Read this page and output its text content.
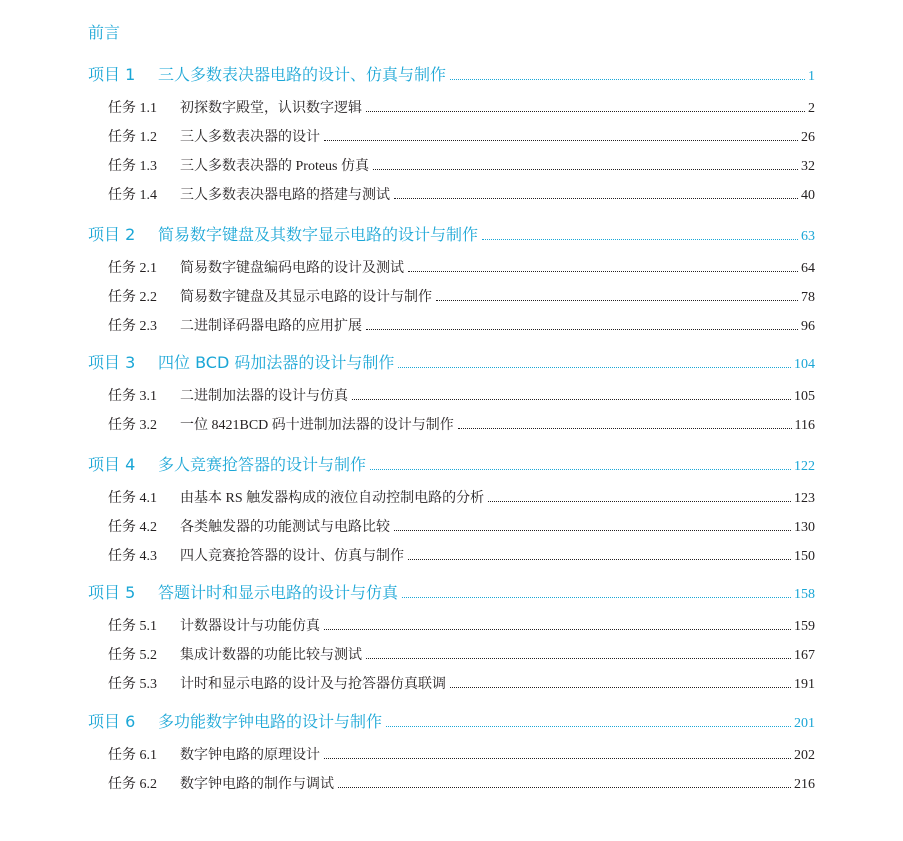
前言
项目 1	三人多数表决器电路的设计、仿真与制作	1
任务 1.1	初探数字殿堂，认识数字逻辑	2
任务 1.2	三人多数表决器的设计	26
任务 1.3	三人多数表决器的 Proteus 仿真	32
任务 1.4	三人多数表决器电路的搭建与测试	40
项目 2	简易数字键盘及其数字显示电路的设计与制作	63
任务 2.1	简易数字键盘编码电路的设计及测试	64
任务 2.2	简易数字键盘及其显示电路的设计与制作	78
任务 2.3	二进制译码器电路的应用扩展	96
项目 3	四位 BCD 码加法器的设计与制作	104
任务 3.1	二进制加法器的设计与仿真	105
任务 3.2	一位 8421BCD 码十进制加法器的设计与制作	116
项目 4	多人竞赛抢答器的设计与制作	122
任务 4.1	由基本 RS 触发器构成的液位自动控制电路的分析	123
任务 4.2	各类触发器的功能测试与电路比较	130
任务 4.3	四人竞赛抢答器的设计、仿真与制作	150
项目 5	答题计时和显示电路的设计与仿真	158
任务 5.1	计数器设计与功能仿真	159
任务 5.2	集成计数器的功能比较与测试	167
任务 5.3	计时和显示电路的设计及与抢答器仿真联调	191
项目 6	多功能数字钟电路的设计与制作	201
任务 6.1	数字钟电路的原理设计	202
任务 6.2	数字钟电路的制作与调试	216
